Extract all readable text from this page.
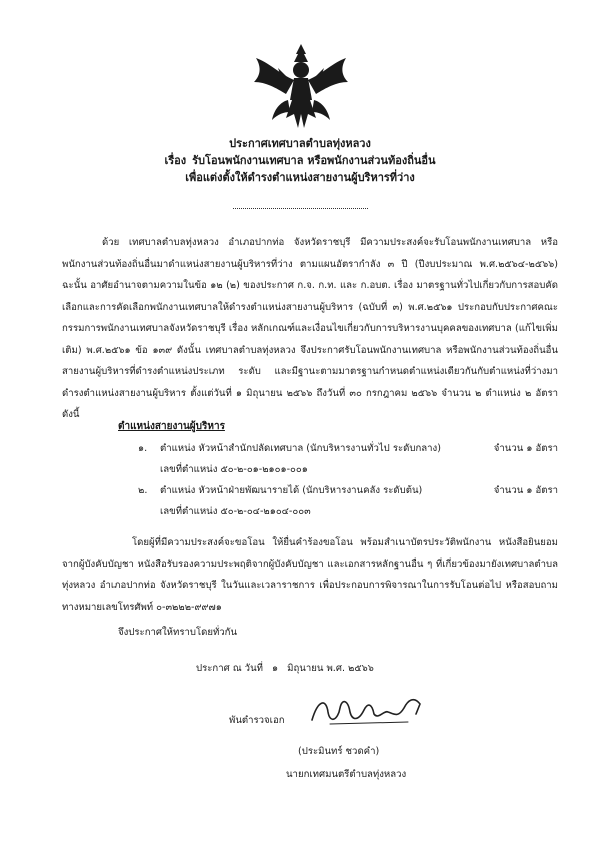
ประกาศเทศบาลตำบลทุ่งหลวง
เรื่อง รับโอนพนักงานเทศบาล หรือพนักงานส่วนท้องถิ่นอื่น
เพื่อแต่งตั้งให้ดำรงตำแหน่งสายงานผู้บริหารที่ว่าง
ด้วย เทศบาลตำบลทุ่งหลวง อำเภอปากท่อ จังหวัดราชบุรี มีความประสงค์จะรับโอนพนักงานเทศบาล หรือพนักงานส่วนท้องถิ่นอื่นมาดำแหน่งสายงานผู้บริหารที่ว่าง ตามแผนอัตรากำลัง ๓ ปี (ปีงบประมาณ พ.ศ.๒๕๖๔-๒๕๖๖) ฉะนั้น อาศัยอำนาจตามความในข้อ ๑๒ (๒) ของประกาศ ก.จ. ก.ท. และ ก.อบต. เรื่อง มาตรฐานทั่วไปเกี่ยวกับการสอบคัดเลือกและการคัดเลือกพนักงานเทศบาลให้ดำรงตำแหน่งสายงานผู้บริหาร (ฉบับที่ ๓) พ.ศ.๒๕๖๑ ประกอบกับประกาศคณะกรรมการพนักงานเทศบาลจังหวัดราชบุรี เรื่อง หลักเกณฑ์และเงื่อนไขเกี่ยวกับการบริหารงานบุคคลของเทศบาล (แก้ไขเพิ่มเติม) พ.ศ.๒๕๖๑ ข้อ ๑๓๙ ดังนั้น เทศบาลตำบลทุ่งหลวง จึงประกาศรับโอนพนักงานเทศบาล หรือพนักงานส่วนท้องถิ่นอื่นสายงานผู้บริหารที่ดำรงตำแหน่งประเภท ระดับ และมีฐานะตามมาตรฐานกำหนดตำแหน่งเดียวกันกับตำแหน่งที่ว่างมาดำรงตำแหน่งสายงานผู้บริหาร ตั้งแต่วันที่ ๑ มิถุนายน ๒๕๖๖ ถึงวันที่ ๓๐ กรกฎาคม ๒๕๖๖ จำนวน ๒ ตำแหน่ง ๒ อัตรา ดังนี้
ตำแหน่งสายงานผู้บริหาร
๑. ตำแหน่ง หัวหน้าสำนักปลัดเทศบาล (นักบริหารงานทั่วไป ระดับกลาง)	จำนวน ๑ อัตรา
เลขที่ตำแหน่ง ๕๐-๒-๐๑-๒๑๐๑-๐๐๑
๒. ตำแหน่ง หัวหน้าฝ่ายพัฒนารายได้ (นักบริหารงานคลัง ระดับต้น)	จำนวน ๑ อัตรา
เลขที่ตำแหน่ง ๕๐-๒-๐๔-๒๑๐๔-๐๐๓
โดยผู้ที่มีความประสงค์จะขอโอน ให้ยื่นคำร้องขอโอน พร้อมสำเนาบัตรประวัติพนักงาน หนังสือยินยอมจากผู้บังคับบัญชา หนังสือรับรองความประพฤติจากผู้บังคับบัญชา และเอกสารหลักฐานอื่น ๆ ที่เกี่ยวข้องมายังเทศบาลตำบลทุ่งหลวง อำเภอปากท่อ จังหวัดราชบุรี ในวันและเวลาราชการ เพื่อประกอบการพิจารณาในการรับโอนต่อไป หรือสอบถามทางหมายเลขโทรศัพท์ ๐-๓๒๒๒-๙๙๗๑
จึงประกาศให้ทราบโดยทั่วกัน
ประกาศ ณ วันที่ ๑ มิถุนายน พ.ศ. ๒๕๖๖
พันตำรวจเอก
(ประมินทร์ ชวดคำ)
นายกเทศมนตรีตำบลทุ่งหลวง
